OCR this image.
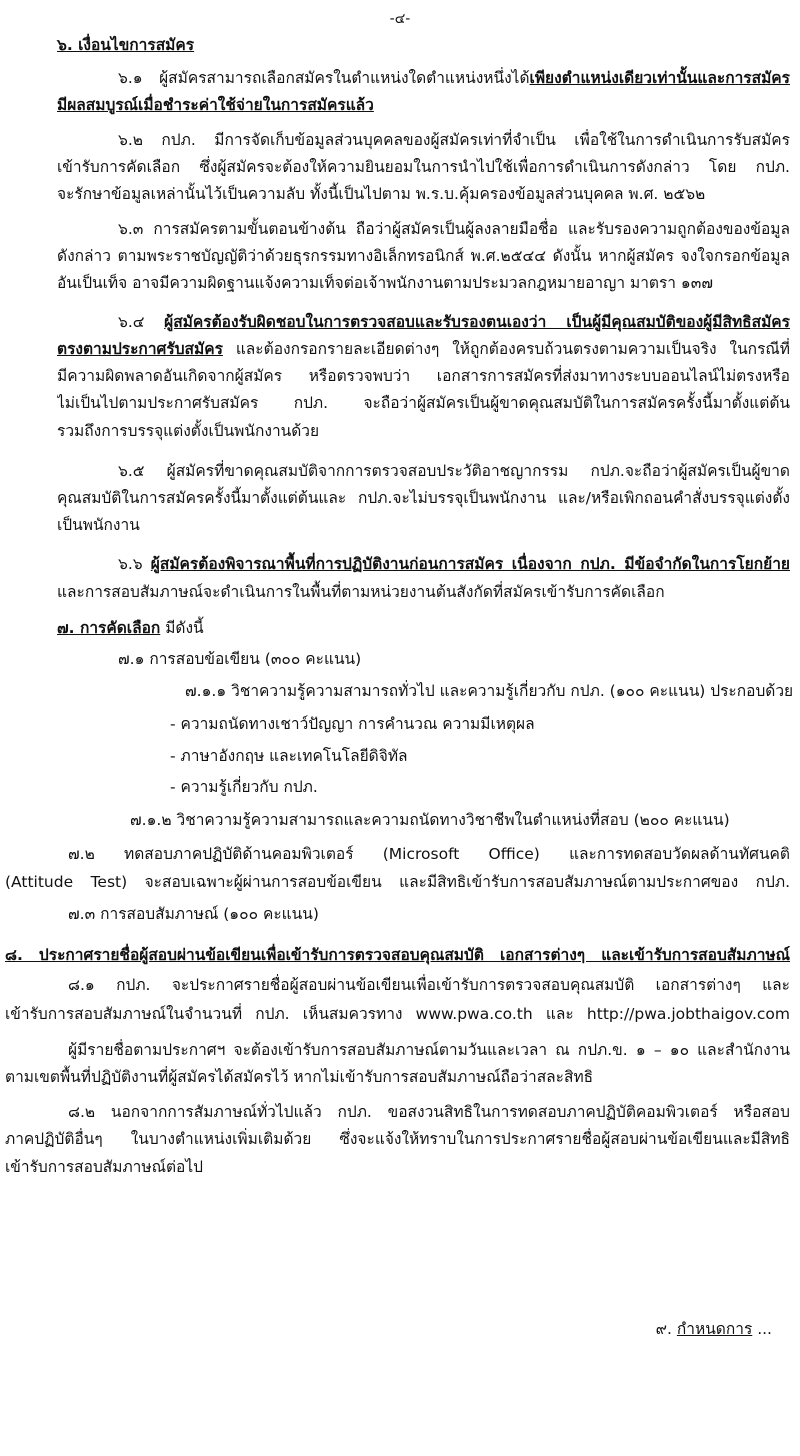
-๔-
๖. เงื่อนไขการสมัคร
๖.๑ ผู้สมัครสามารถเลือกสมัครในตำแหน่งใดตำแหน่งหนึ่งได้เพียงตำแหน่งเดียวเท่านั้นและการสมัคร
มีผลสมบูรณ์เมื่อชำระค่าใช้จ่ายในการสมัครแล้ว
๖.๒ กปภ. มีการจัดเก็บข้อมูลส่วนบุคคลของผู้สมัครเท่าที่จำเป็น เพื่อใช้ในการดำเนินการรับสมัคร
เข้ารับการคัดเลือก ซึ่งผู้สมัครจะต้องให้ความยินยอมในการนำไปใช้เพื่อการดำเนินการดังกล่าว โดย กปภ.
จะรักษาข้อมูลเหล่านั้นไว้เป็นความลับ ทั้งนี้เป็นไปตาม พ.ร.บ.คุ้มครองข้อมูลส่วนบุคคล พ.ศ. ๒๕๖๒
๖.๓ การสมัครตามขั้นตอนข้างต้น ถือว่าผู้สมัครเป็นผู้ลงลายมือชื่อ และรับรองความถูกต้องของข้อมูล
ดังกล่าว ตามพระราชบัญญัติว่าด้วยธุรกรรมทางอิเล็กทรอนิกส์ พ.ศ.๒๕๔๔ ดังนั้น หากผู้สมัคร จงใจกรอกข้อมูล
อันเป็นเท็จ อาจมีความผิดฐานแจ้งความเท็จต่อเจ้าพนักงานตามประมวลกฎหมายอาญา มาตรา ๑๓๗
๖.๔ ผู้สมัครต้องรับผิดชอบในการตรวจสอบและรับรองตนเองว่า เป็นผู้มีคุณสมบัติของผู้มีสิทธิสมัคร
ตรงตามประกาศรับสมัคร และต้องกรอกรายละเอียดต่างๆ ให้ถูกต้องครบถ้วนตรงตามความเป็นจริง ในกรณีที่
มีความผิดพลาดอันเกิดจากผู้สมัคร หรือตรวจพบว่า เอกสารการสมัครที่ส่งมาทางระบบออนไลน์ไม่ตรงหรือ
ไม่เป็นไปตามประกาศรับสมัคร กปภ. จะถือว่าผู้สมัครเป็นผู้ขาดคุณสมบัติในการสมัครครั้งนี้มาตั้งแต่ต้น
รวมถึงการบรรจุแต่งตั้งเป็นพนักงานด้วย
๖.๕ ผู้สมัครที่ขาดคุณสมบัติจากการตรวจสอบประวัติอาชญากรรม กปภ.จะถือว่าผู้สมัครเป็นผู้ขาด
คุณสมบัติในการสมัครครั้งนี้มาตั้งแต่ต้นและ กปภ.จะไม่บรรจุเป็นพนักงาน และ/หรือเพิกถอนคำสั่งบรรจุแต่งตั้ง
เป็นพนักงาน
๖.๖ ผู้สมัครต้องพิจารณาพื้นที่การปฏิบัติงานก่อนการสมัคร เนื่องจาก กปภ. มีข้อจำกัดในการโยกย้าย
และการสอบสัมภาษณ์จะดำเนินการในพื้นที่ตามหน่วยงานต้นสังกัดที่สมัครเข้ารับการคัดเลือก
๗. การคัดเลือก มีดังนี้
๗.๑ การสอบข้อเขียน (๓๐๐ คะแนน)
๗.๑.๑ วิชาความรู้ความสามารถทั่วไป และความรู้เกี่ยวกับ กปภ. (๑๐๐ คะแนน) ประกอบด้วย
- ความถนัดทางเชาว์ปัญญา การคำนวณ ความมีเหตุผล
- ภาษาอังกฤษ และเทคโนโลยีดิจิทัล
- ความรู้เกี่ยวกับ กปภ.
๗.๑.๒ วิชาความรู้ความสามารถและความถนัดทางวิชาชีพในตำแหน่งที่สอบ (๒๐๐ คะแนน)
๗.๒ ทดสอบภาคปฏิบัติด้านคอมพิวเตอร์ (Microsoft Office) และการทดสอบวัดผลด้านทัศนคติ
(Attitude Test) จะสอบเฉพาะผู้ผ่านการสอบข้อเขียน และมีสิทธิเข้ารับการสอบสัมภาษณ์ตามประกาศของ กปภ.
๗.๓ การสอบสัมภาษณ์ (๑๐๐ คะแนน)
๘. ประกาศรายชื่อผู้สอบผ่านข้อเขียนเพื่อเข้ารับการตรวจสอบคุณสมบัติ เอกสารต่างๆ และเข้ารับการสอบสัมภาษณ์
๘.๑ กปภ. จะประกาศรายชื่อผู้สอบผ่านข้อเขียนเพื่อเข้ารับการตรวจสอบคุณสมบัติ เอกสารต่างๆ และ
เข้ารับการสอบสัมภาษณ์ในจำนวนที่ กปภ. เห็นสมควรทาง www.pwa.co.th และ http://pwa.jobthaigov.com
ผู้มีรายชื่อตามประกาศฯ จะต้องเข้ารับการสอบสัมภาษณ์ตามวันและเวลา ณ กปภ.ข. ๑ – ๑๐ และสำนักงาน
ตามเขตพื้นที่ปฏิบัติงานที่ผู้สมัครได้สมัครไว้ หากไม่เข้ารับการสอบสัมภาษณ์ถือว่าสละสิทธิ
๘.๒ นอกจากการสัมภาษณ์ทั่วไปแล้ว กปภ. ขอสงวนสิทธิในการทดสอบภาคปฏิบัติคอมพิวเตอร์ หรือสอบ
ภาคปฏิบัติอื่นๆ ในบางตำแหน่งเพิ่มเติมด้วย ซึ่งจะแจ้งให้ทราบในการประกาศรายชื่อผู้สอบผ่านข้อเขียนและมีสิทธิ
เข้ารับการสอบสัมภาษณ์ต่อไป
๙. กำหนดการ ...
